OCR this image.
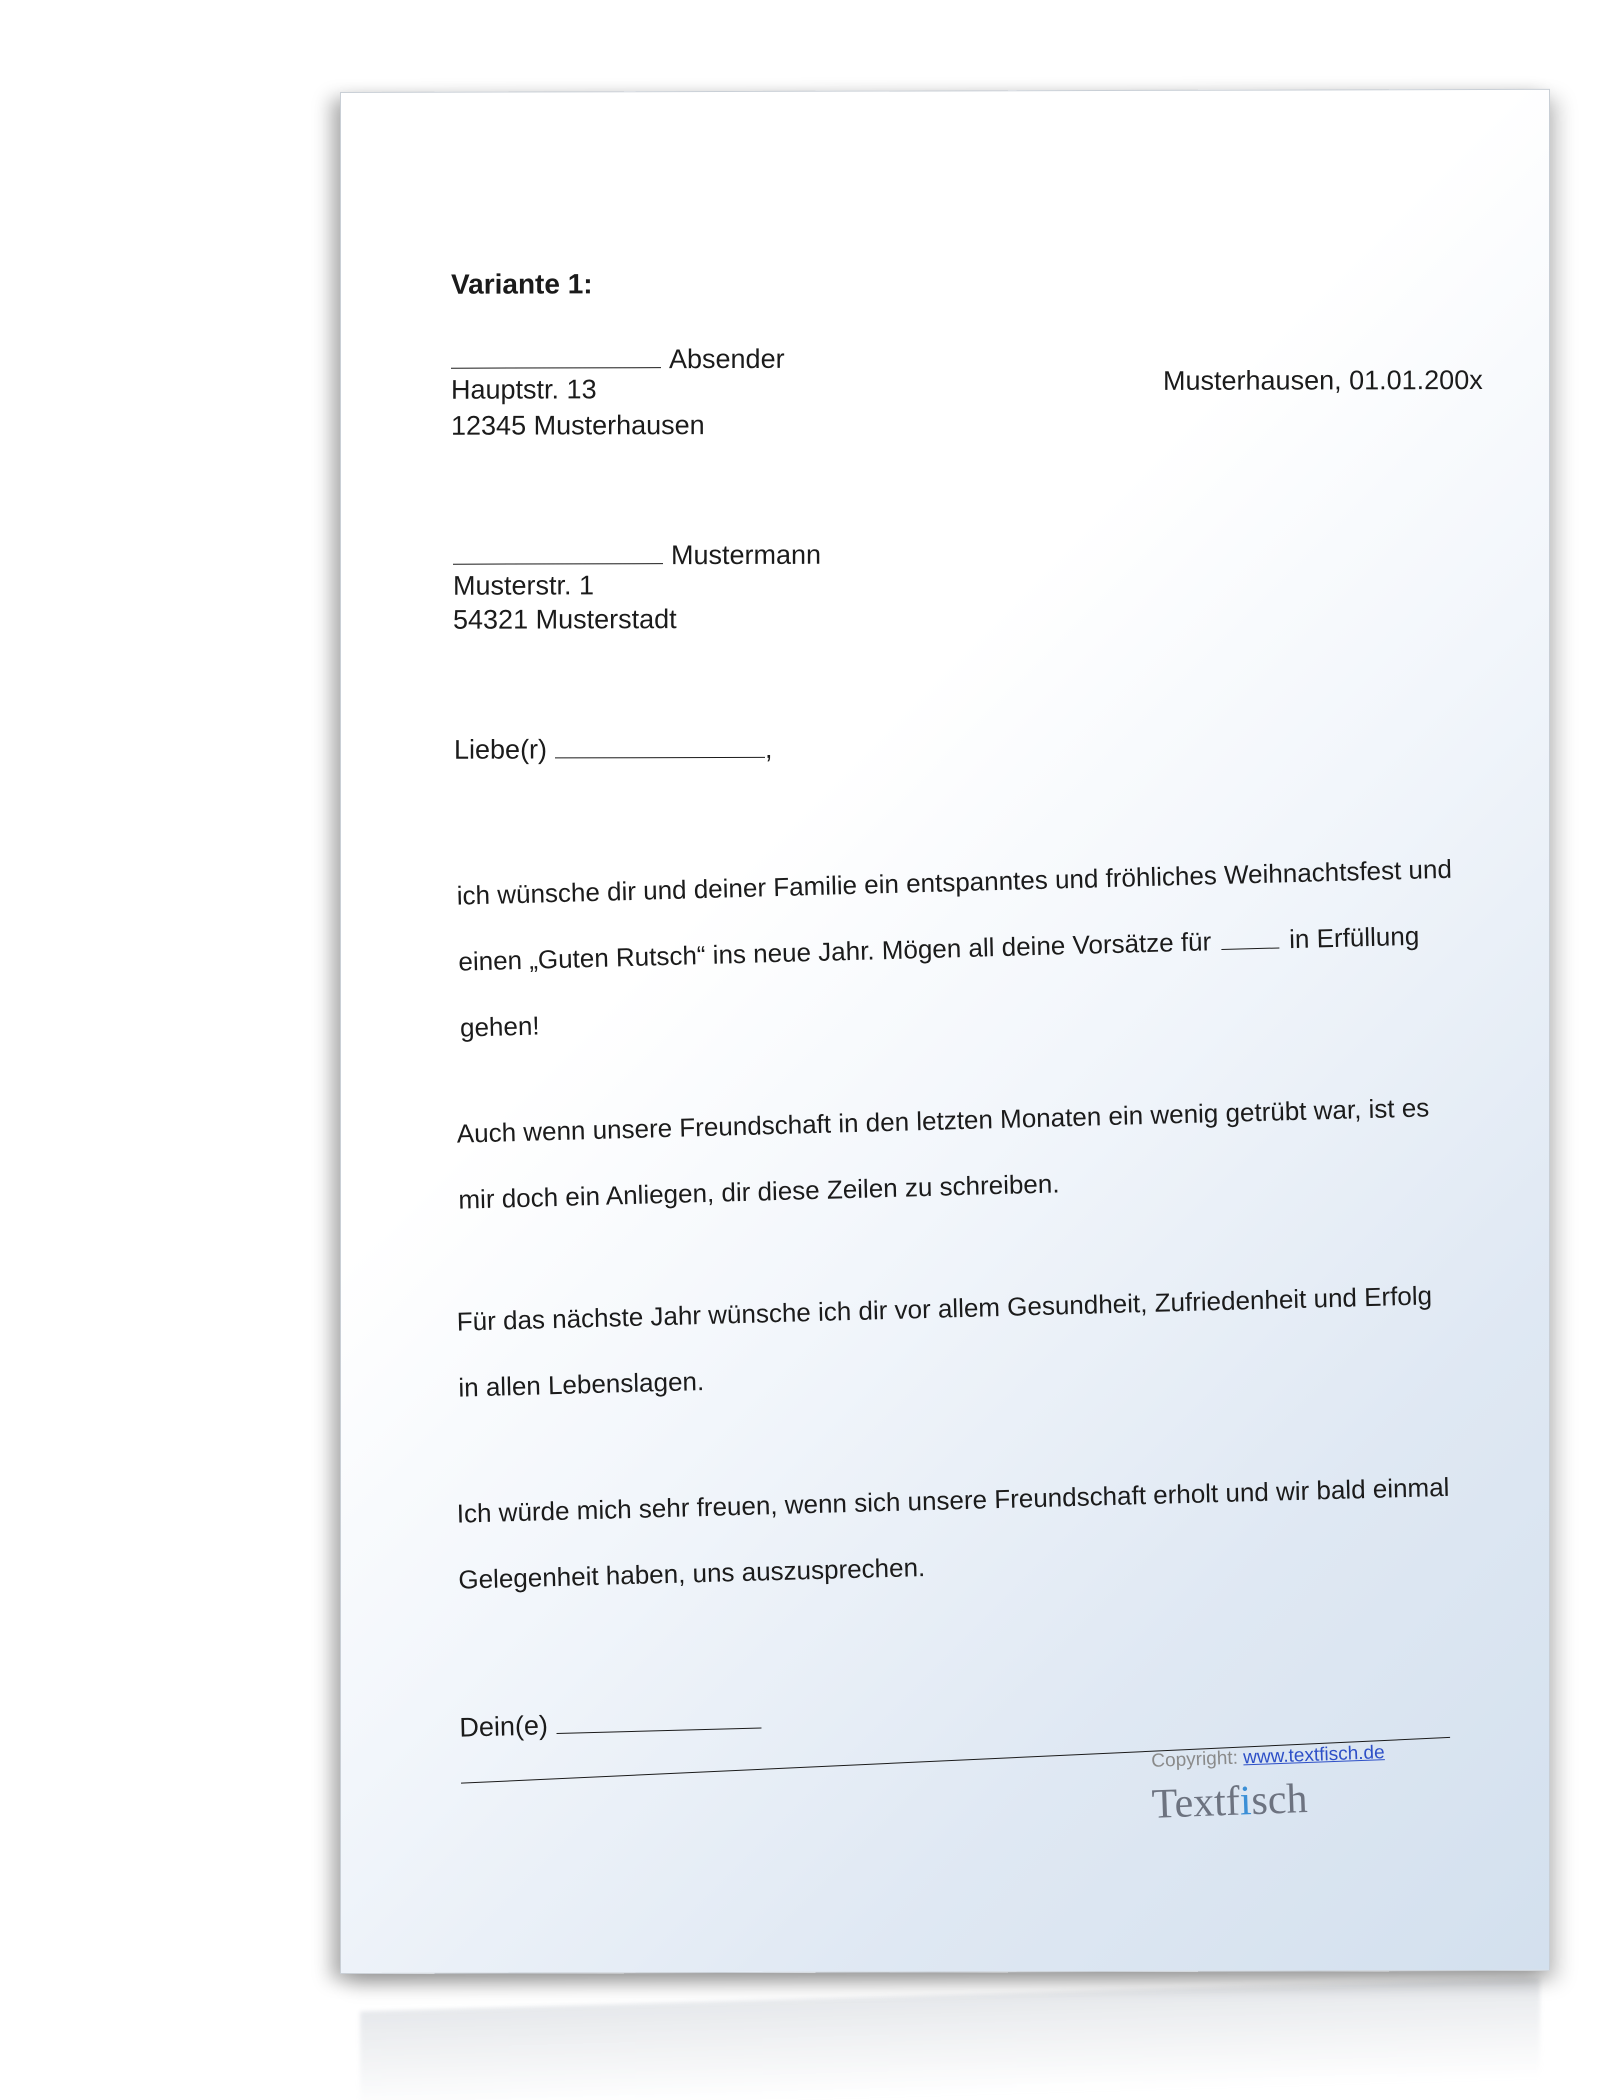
Variante 1:
Absender
Hauptstr. 13
12345 Musterhausen
Musterhausen, 01.01.200x
Mustermann
Musterstr. 1
54321 Musterstadt
Liebe(r)	,
ich wünsche dir und deiner Familie ein entspanntes und fröhliches Weihnachtsfest und einen „Guten Rutsch“ ins neue Jahr. Mögen all deine Vorsätze für	in Erfüllung gehen!
Auch wenn unsere Freundschaft in den letzten Monaten ein wenig getrübt war, ist es mir doch ein Anliegen, dir diese Zeilen zu schreiben.
Für das nächste Jahr wünsche ich dir vor allem Gesundheit, Zufriedenheit und Erfolg in allen Lebenslagen.
Ich würde mich sehr freuen, wenn sich unsere Freundschaft erholt und wir bald einmal Gelegenheit haben, uns auszusprechen.
Dein(e)
Copyright: www.textfisch.de
Textfisch
